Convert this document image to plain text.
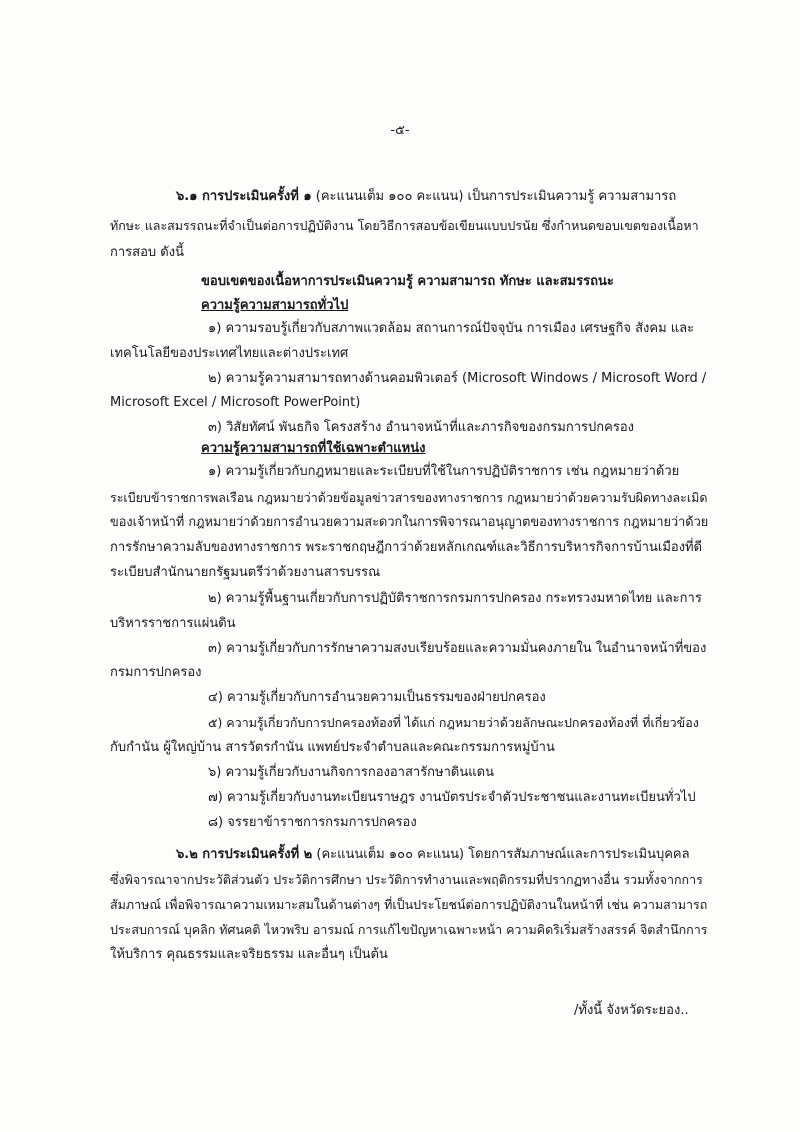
-๕-
๖.๑ การประเมินครั้งที่ ๑ (คะแนนเต็ม ๑๐๐ คะแนน) เป็นการประเมินความรู้ ความสามารถ
ทักษะ และสมรรถนะที่จำเป็นต่อการปฏิบัติงาน โดยวิธีการสอบข้อเขียนแบบปรนัย ซึ่งกำหนดขอบเขตของเนื้อหา
การสอบ ดังนี้
ขอบเขตของเนื้อหาการประเมินความรู้ ความสามารถ ทักษะ และสมรรถนะ
ความรู้ความสามารถทั่วไป
๑) ความรอบรู้เกี่ยวกับสภาพแวดล้อม สถานการณ์ปัจจุบัน การเมือง เศรษฐกิจ สังคม และ
เทคโนโลยีของประเทศไทยและต่างประเทศ
๒) ความรู้ความสามารถทางด้านคอมพิวเตอร์ (Microsoft Windows / Microsoft Word /
Microsoft Excel / Microsoft PowerPoint)
๓) วิสัยทัศน์ พันธกิจ โครงสร้าง อำนาจหน้าที่และภารกิจของกรมการปกครอง
ความรู้ความสามารถที่ใช้เฉพาะตำแหน่ง
๑) ความรู้เกี่ยวกับกฎหมายและระเบียบที่ใช้ในการปฏิบัติราชการ เช่น กฎหมายว่าด้วย
ระเบียบข้าราชการพลเรือน กฎหมายว่าด้วยข้อมูลข่าวสารของทางราชการ กฎหมายว่าด้วยความรับผิดทางละเมิด
ของเจ้าหน้าที่ กฎหมายว่าด้วยการอำนวยความสะดวกในการพิจารณาอนุญาตของทางราชการ กฎหมายว่าด้วย
การรักษาความลับของทางราชการ พระราชกฤษฎีกาว่าด้วยหลักเกณฑ์และวิธีการบริหารกิจการบ้านเมืองที่ดี
ระเบียบสำนักนายกรัฐมนตรีว่าด้วยงานสารบรรณ
๒) ความรู้พื้นฐานเกี่ยวกับการปฏิบัติราชการกรมการปกครอง กระทรวงมหาดไทย และการ
บริหารราชการแผ่นดิน
๓) ความรู้เกี่ยวกับการรักษาความสงบเรียบร้อยและความมั่นคงภายใน ในอำนาจหน้าที่ของ
กรมการปกครอง
๔) ความรู้เกี่ยวกับการอำนวยความเป็นธรรมของฝ่ายปกครอง
๕) ความรู้เกี่ยวกับการปกครองท้องที่ ได้แก่ กฎหมายว่าด้วยลักษณะปกครองท้องที่ ที่เกี่ยวข้อง
กับกำนัน ผู้ใหญ่บ้าน สารวัตรกำนัน แพทย์ประจำตำบลและคณะกรรมการหมู่บ้าน
๖) ความรู้เกี่ยวกับงานกิจการกองอาสารักษาดินแดน
๗) ความรู้เกี่ยวกับงานทะเบียนราษฎร งานบัตรประจำตัวประชาชนและงานทะเบียนทั่วไป
๘) จรรยาข้าราชการกรมการปกครอง
๖.๒ การประเมินครั้งที่ ๒ (คะแนนเต็ม ๑๐๐ คะแนน) โดยการสัมภาษณ์และการประเมินบุคคล
ซึ่งพิจารณาจากประวัติส่วนตัว ประวัติการศึกษา ประวัติการทำงานและพฤติกรรมที่ปรากฏทางอื่น รวมทั้งจากการ
สัมภาษณ์ เพื่อพิจารณาความเหมาะสมในด้านต่างๆ ที่เป็นประโยชน์ต่อการปฏิบัติงานในหน้าที่ เช่น ความสามารถ
ประสบการณ์ บุคลิก ทัศนคติ ไหวพริบ อารมณ์ การแก้ไขปัญหาเฉพาะหน้า ความคิดริเริ่มสร้างสรรค์ จิตสำนึกการ
ให้บริการ คุณธรรมและจริยธรรม และอื่นๆ เป็นต้น
/ทั้งนี้ จังหวัดระยอง..
